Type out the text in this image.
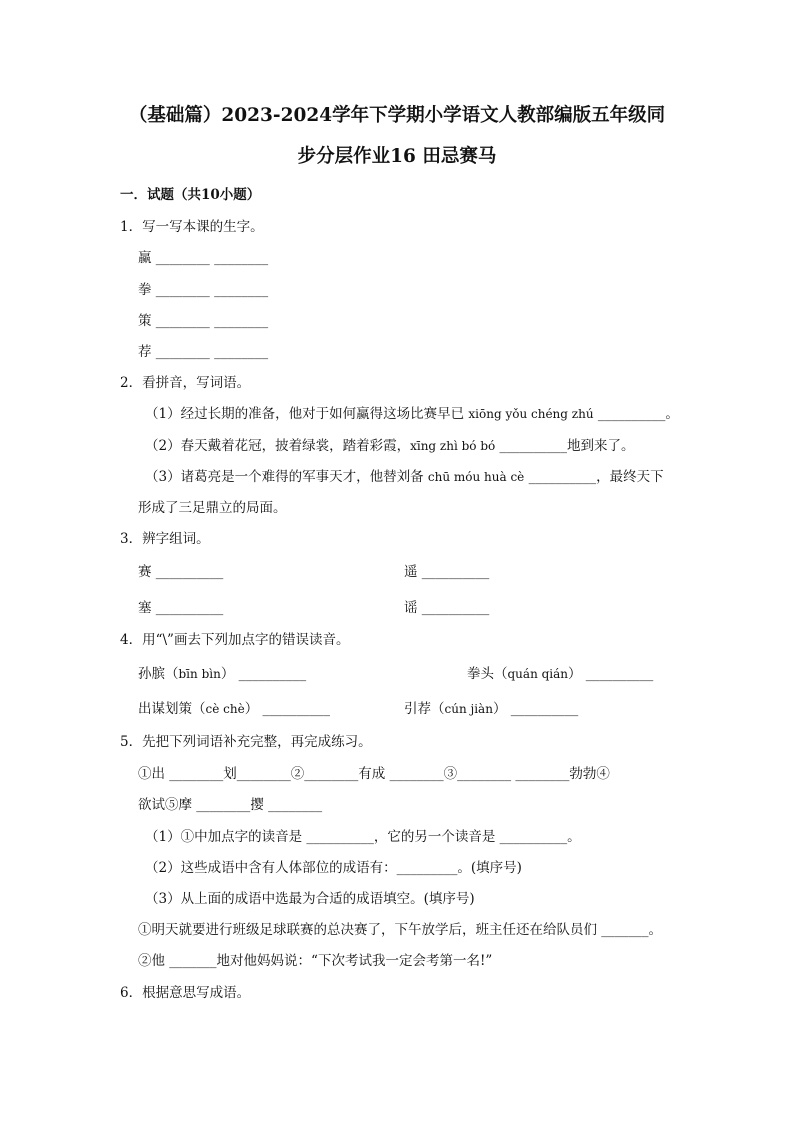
（基础篇）2023-2024学年下学期小学语文人教部编版五年级同
步分层作业16 田忌赛马
一．试题（共10小题）
1．写一写本课的生字。
赢 ________ ________
拳 ________ ________
策 ________ ________
荐 ________ ________
2．看拼音，写词语。
（1）经过长期的准备，他对于如何赢得这场比赛早已 xiōng yǒu chéng zhú __________。
（2）春天戴着花冠，披着绿裳，踏着彩霞，xīng zhì bó bó __________地到来了。
（3）诸葛亮是一个难得的军事天才，他替刘备 chū móu huà cè __________，最终天下
形成了三足鼎立的局面。
3．辨字组词。
赛 __________	遥 __________
塞 __________	谣 __________
4．用“\”画去下列加点字的错误读音。
孙膑（bīn bìn） __________	拳头（quán qián） __________
出谋划策（cè chè） __________	引荐（cún jiàn） __________
5．先把下列词语补充完整，再完成练习。
①出 ________划________②________有成 ________③________ ________勃勃④
欲试⑤摩 ________撄 ________
（1）①中加点字的读音是 __________，它的另一个读音是 __________。
（2）这些成语中含有人体部位的成语有：_________。(填序号)
（3）从上面的成语中选最为合适的成语填空。(填序号)
①明天就要进行班级足球联赛的总决赛了，下午放学后，班主任还在给队员们 _______。
②他 _______地对他妈妈说：“下次考试我一定会考第一名!”
6．根据意思写成语。
